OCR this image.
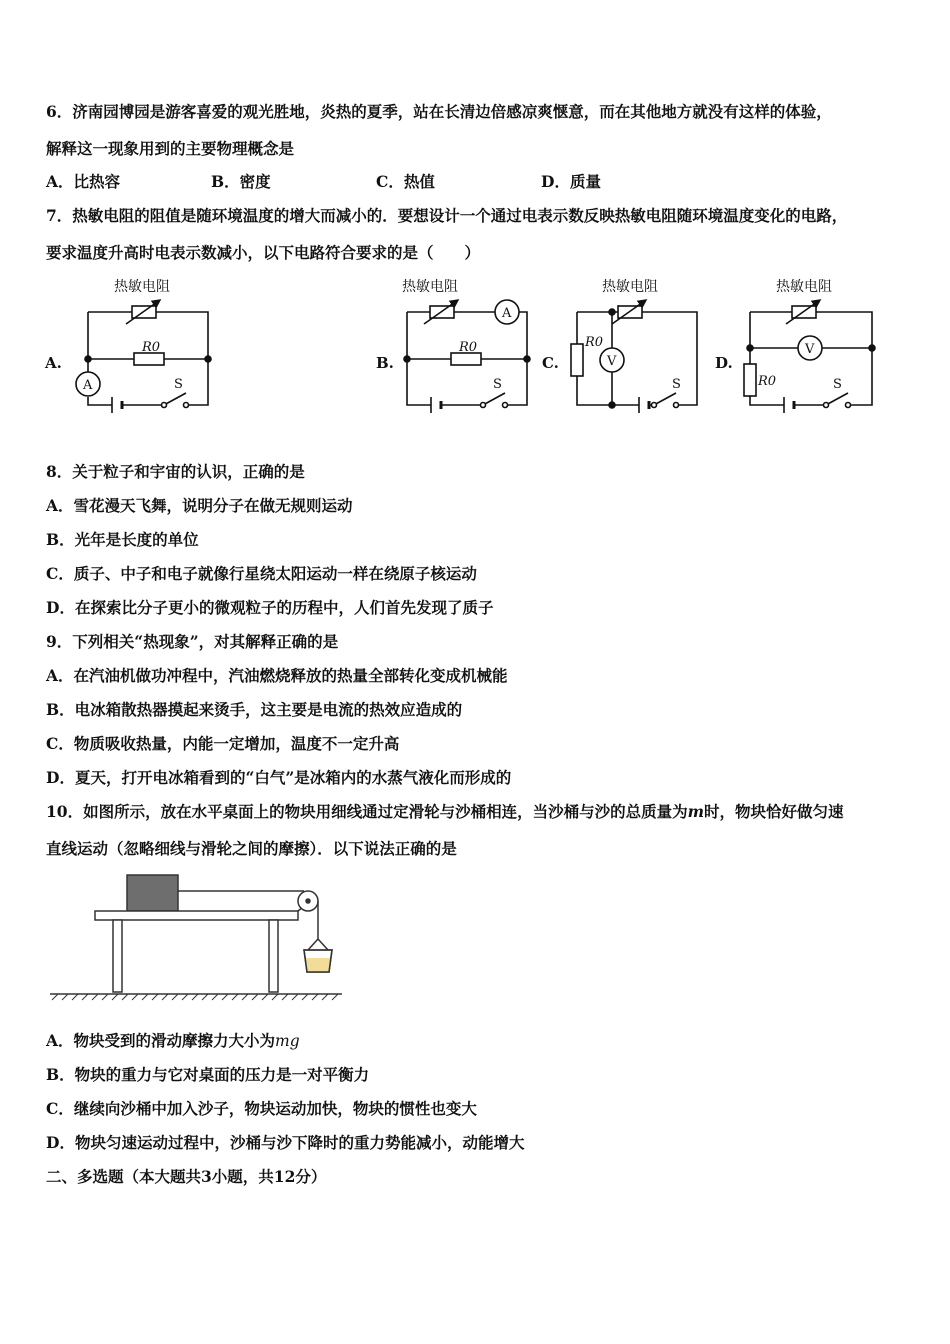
6．济南园博园是游客喜爱的观光胜地，炎热的夏季，站在长清边倍感凉爽惬意，而在其他地方就没有这样的体验，
解释这一现象用到的主要物理概念是
A．比热容	B．密度	C．热值	D．质量
7．热敏电阻的阻值是随环境温度的增大而减小的．要想设计一个通过电表示数反映热敏电阻随环境温度变化的电路，
要求温度升高时电表示数减小，以下电路符合要求的是（　　）
热敏电阻
R0
S
A
A.
热敏电阻
R0
S
A
B.
热敏电阻
R0
S
V
C.
热敏电阻
R0	S
V
D.
8．关于粒子和宇宙的认识，正确的是
A．雪花漫天飞舞，说明分子在做无规则运动
B．光年是长度的单位
C．质子、中子和电子就像行星绕太阳运动一样在绕原子核运动
D．在探索比分子更小的微观粒子的历程中，人们首先发现了质子
9．下列相关“热现象”，对其解释正确的是
A．在汽油机做功冲程中，汽油燃烧释放的热量全部转化变成机械能
B．电冰箱散热器摸起来烫手，这主要是电流的热效应造成的
C．物质吸收热量，内能一定增加，温度不一定升高
D．夏天，打开电冰箱看到的“白气”是冰箱内的水蒸气液化而形成的
10．如图所示，放在水平桌面上的物块用细线通过定滑轮与沙桶相连，当沙桶与沙的总质量为m时，物块恰好做匀速
直线运动（忽略细线与滑轮之间的摩擦）．以下说法正确的是
A．物块受到的滑动摩擦力大小为mg
B．物块的重力与它对桌面的压力是一对平衡力
C．继续向沙桶中加入沙子，物块运动加快，物块的惯性也变大
D．物块匀速运动过程中，沙桶与沙下降时的重力势能减小，动能增大
二、多选题（本大题共3小题，共12分）
